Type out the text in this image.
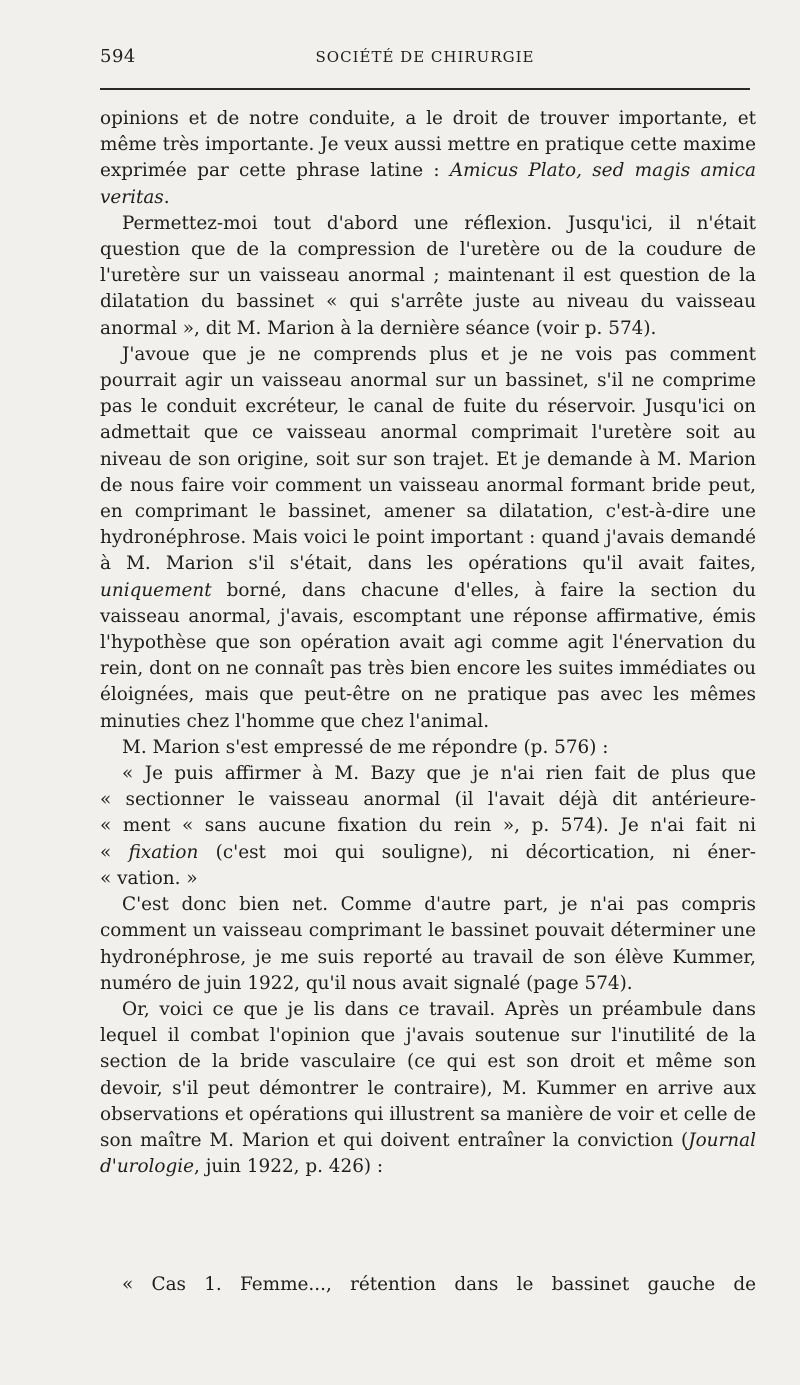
594	SOCIÉTÉ DE CHIRURGIE

opinions et de notre conduite, a le droit de trouver importante, et même très importante. Je veux aussi mettre en pratique cette maxime exprimée par cette phrase latine : Amicus Plato, sed magis amica veritas.

Permettez-moi tout d'abord une réflexion. Jusqu'ici, il n'était question que de la compression de l'uretère ou de la coudure de l'uretère sur un vaisseau anormal ; maintenant il est question de la dilatation du bassinet « qui s'arrête juste au niveau du vaisseau anormal », dit M. Marion à la dernière séance (voir p. 574).

J'avoue que je ne comprends plus et je ne vois pas comment pourrait agir un vaisseau anormal sur un bassinet, s'il ne comprime pas le conduit excréteur, le canal de fuite du réservoir. Jusqu'ici on admettait que ce vaisseau anormal comprimait l'uretère soit au niveau de son origine, soit sur son trajet. Et je demande à M. Marion de nous faire voir comment un vaisseau anormal formant bride peut, en comprimant le bassinet, amener sa dilatation, c'est-à-dire une hydronéphrose. Mais voici le point important : quand j'avais demandé à M. Marion s'il s'était, dans les opérations qu'il avait faites, uniquement borné, dans chacune d'elles, à faire la section du vaisseau anormal, j'avais, escomptant une réponse affirmative, émis l'hypothèse que son opération avait agi comme agit l'énervation du rein, dont on ne connaît pas très bien encore les suites immédiates ou éloignées, mais que peut-être on ne pratique pas avec les mêmes minuties chez l'homme que chez l'animal.

M. Marion s'est empressé de me répondre (p. 576) :

« Je puis affirmer à M. Bazy que je n'ai rien fait de plus que
« sectionner le vaisseau anormal (il l'avait déjà dit antérieure-
« ment « sans aucune fixation du rein », p. 574). Je n'ai fait ni
« fixation (c'est moi qui souligne), ni décortication, ni éner-
« vation. »

C'est donc bien net. Comme d'autre part, je n'ai pas compris comment un vaisseau comprimant le bassinet pouvait déterminer une hydronéphrose, je me suis reporté au travail de son élève Kummer, numéro de juin 1922, qu'il nous avait signalé (page 574).

Or, voici ce que je lis dans ce travail. Après un préambule dans lequel il combat l'opinion que j'avais soutenue sur l'inutilité de la section de la bride vasculaire (ce qui est son droit et même son devoir, s'il peut démontrer le contraire), M. Kummer en arrive aux observations et opérations qui illustrent sa manière de voir et celle de son maître M. Marion et qui doivent entraîner la conviction (Journal d'urologie, juin 1922, p. 426) :

« Cas 1. Femme..., rétention dans le bassinet gauche de
